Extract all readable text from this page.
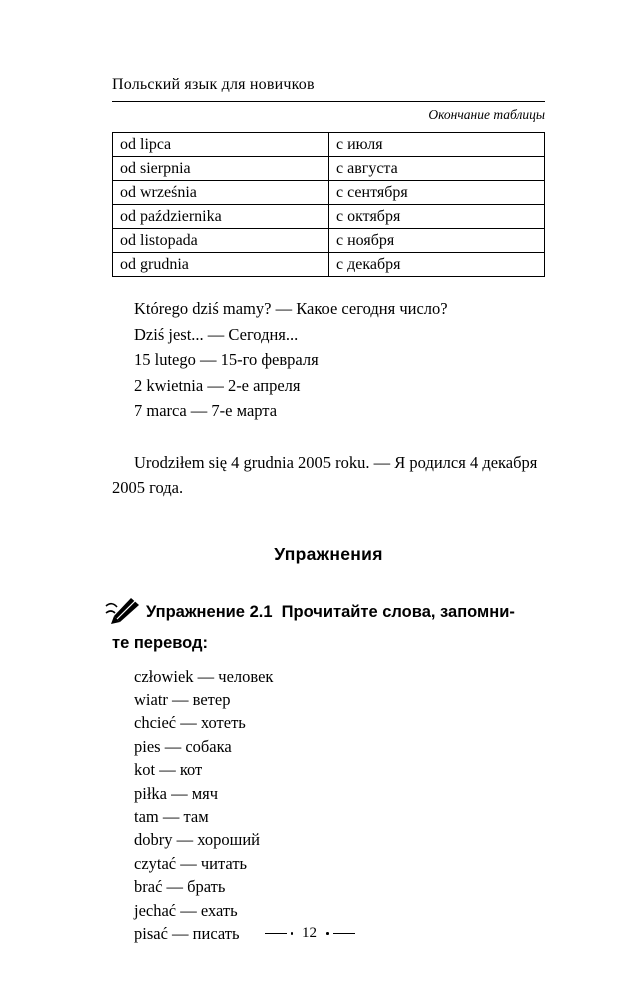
Польский язык для новичков
Окончание таблицы
od lipca	с июля
od sierpnia	с августа
od września	с сентября
od października	с октября
od listopada	с ноября
od grudnia	с декабря
Którego dziś mamy? — Какое сегодня число?
Dziś jest... — Сегодня...
15 lutego — 15-го февраля
2 kwietnia — 2-е апреля
7 marca — 7-е марта

Urodziłem się 4 grudnia 2005 roku. — Я родился 4 декабря 2005 года.

Упражнения
Упражнение 2.1  Прочитайте слова, запомни-
те перевод:
człowiek — человек
wiatr — ветер
chcieć — хотеть
pies — собака
kot — кот
piłka — мяч
tam — там
dobry — хороший
czytać — читать
brać — брать
jechać — ехать
pisać — писать	12
